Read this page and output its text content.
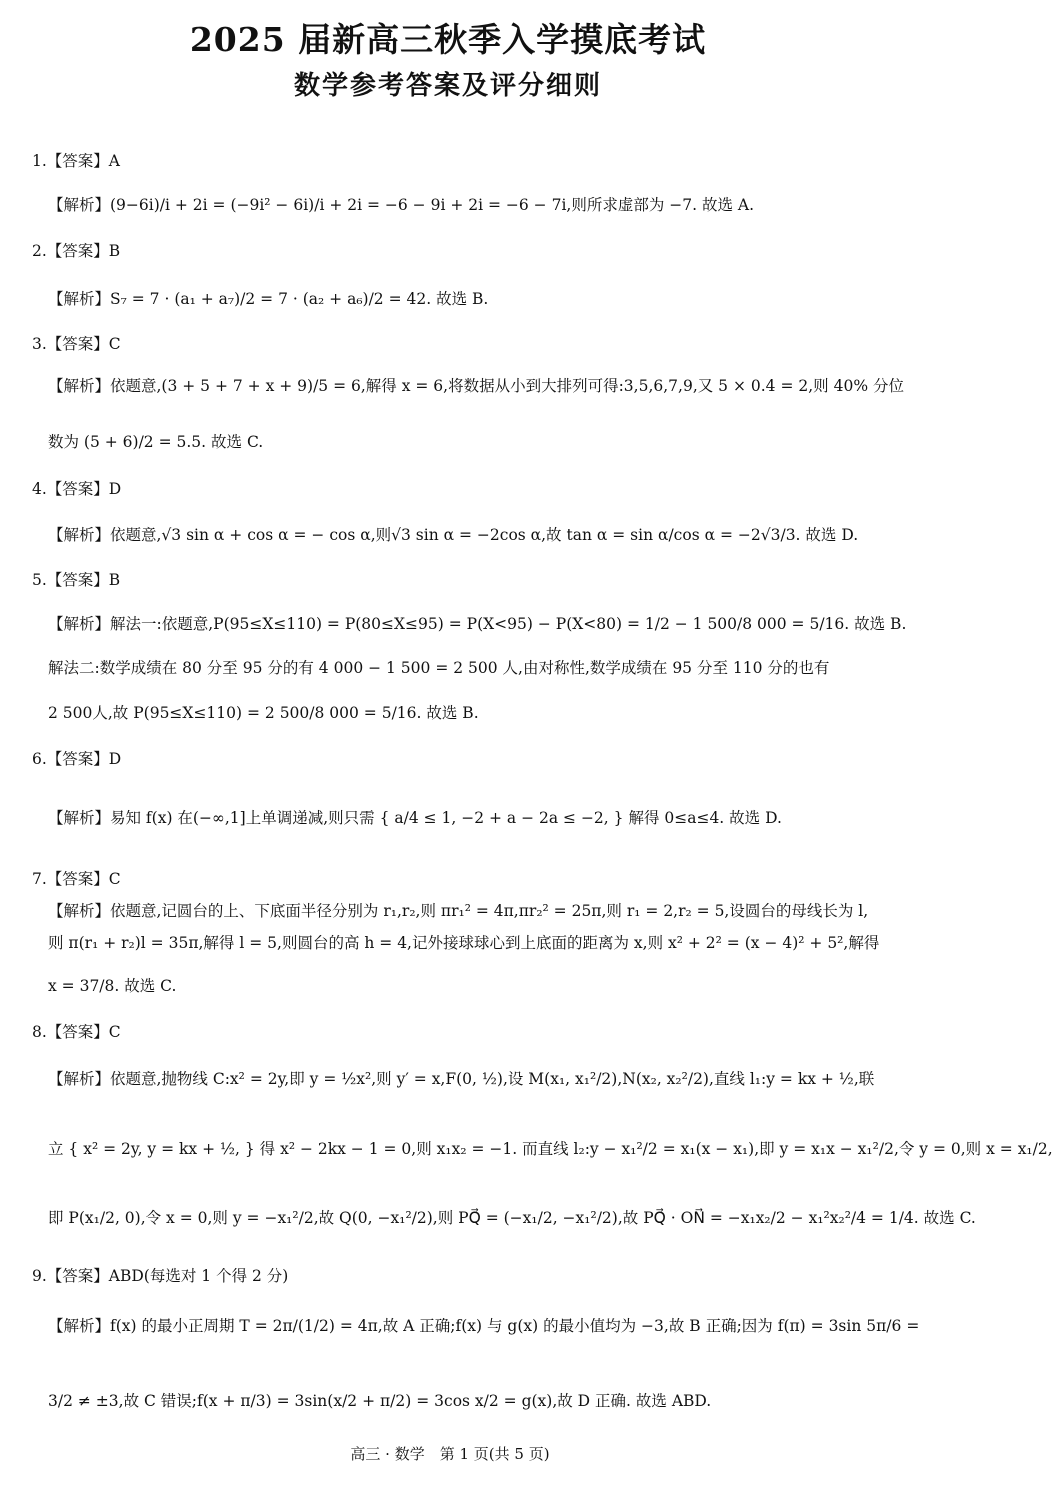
2025 届新高三秋季入学摸底考试
数学参考答案及评分细则
1.【答案】A
【解析】(9−6i)/i + 2i = (−9i² − 6i)/i + 2i = −6 − 9i + 2i = −6 − 7i,则所求虚部为 −7. 故选 A.
2.【答案】B
【解析】S₇ = 7 · (a₁ + a₇)/2 = 7 · (a₂ + a₆)/2 = 42. 故选 B.
3.【答案】C
【解析】依题意,(3 + 5 + 7 + x + 9)/5 = 6,解得 x = 6,将数据从小到大排列可得:3,5,6,7,9,又 5 × 0.4 = 2,则 40% 分位
数为 (5 + 6)/2 = 5.5. 故选 C.
4.【答案】D
【解析】依题意,√3 sin α + cos α = − cos α,则√3 sin α = −2cos α,故 tan α = sin α/cos α = −2√3/3. 故选 D.
5.【答案】B
【解析】解法一:依题意,P(95≤X≤110) = P(80≤X≤95) = P(X<95) − P(X<80) = 1/2 − 1 500/8 000 = 5/16. 故选 B.
解法二:数学成绩在 80 分至 95 分的有 4 000 − 1 500 = 2 500 人,由对称性,数学成绩在 95 分至 110 分的也有
2 500人,故 P(95≤X≤110) = 2 500/8 000 = 5/16. 故选 B.
6.【答案】D
【解析】易知 f(x) 在(−∞,1]上单调递减,则只需 { a/4 ≤ 1, −2 + a − 2a ≤ −2, } 解得 0≤a≤4. 故选 D.
7.【答案】C
【解析】依题意,记圆台的上、下底面半径分别为 r₁,r₂,则 πr₁² = 4π,πr₂² = 25π,则 r₁ = 2,r₂ = 5,设圆台的母线长为 l,
则 π(r₁ + r₂)l = 35π,解得 l = 5,则圆台的高 h = 4,记外接球球心到上底面的距离为 x,则 x² + 2² = (x − 4)² + 5²,解得
x = 37/8. 故选 C.
8.【答案】C
【解析】依题意,抛物线 C:x² = 2y,即 y = ½x²,则 y′ = x,F(0, ½),设 M(x₁, x₁²/2),N(x₂, x₂²/2),直线 l₁:y = kx + ½,联
立 { x² = 2y, y = kx + ½, } 得 x² − 2kx − 1 = 0,则 x₁x₂ = −1. 而直线 l₂:y − x₁²/2 = x₁(x − x₁),即 y = x₁x − x₁²/2,令 y = 0,则 x = x₁/2,
即 P(x₁/2, 0),令 x = 0,则 y = −x₁²/2,故 Q(0, −x₁²/2),则 PQ⃗ = (−x₁/2, −x₁²/2),故 PQ⃗ · ON⃗ = −x₁x₂/2 − x₁²x₂²/4 = 1/4. 故选 C.
9.【答案】ABD(每选对 1 个得 2 分)
【解析】f(x) 的最小正周期 T = 2π/(1/2) = 4π,故 A 正确;f(x) 与 g(x) 的最小值均为 −3,故 B 正确;因为 f(π) = 3sin 5π/6 =
3/2 ≠ ±3,故 C 错误;f(x + π/3) = 3sin(x/2 + π/2) = 3cos x/2 = g(x),故 D 正确. 故选 ABD.
高三 · 数学　第 1 页(共 5 页)
